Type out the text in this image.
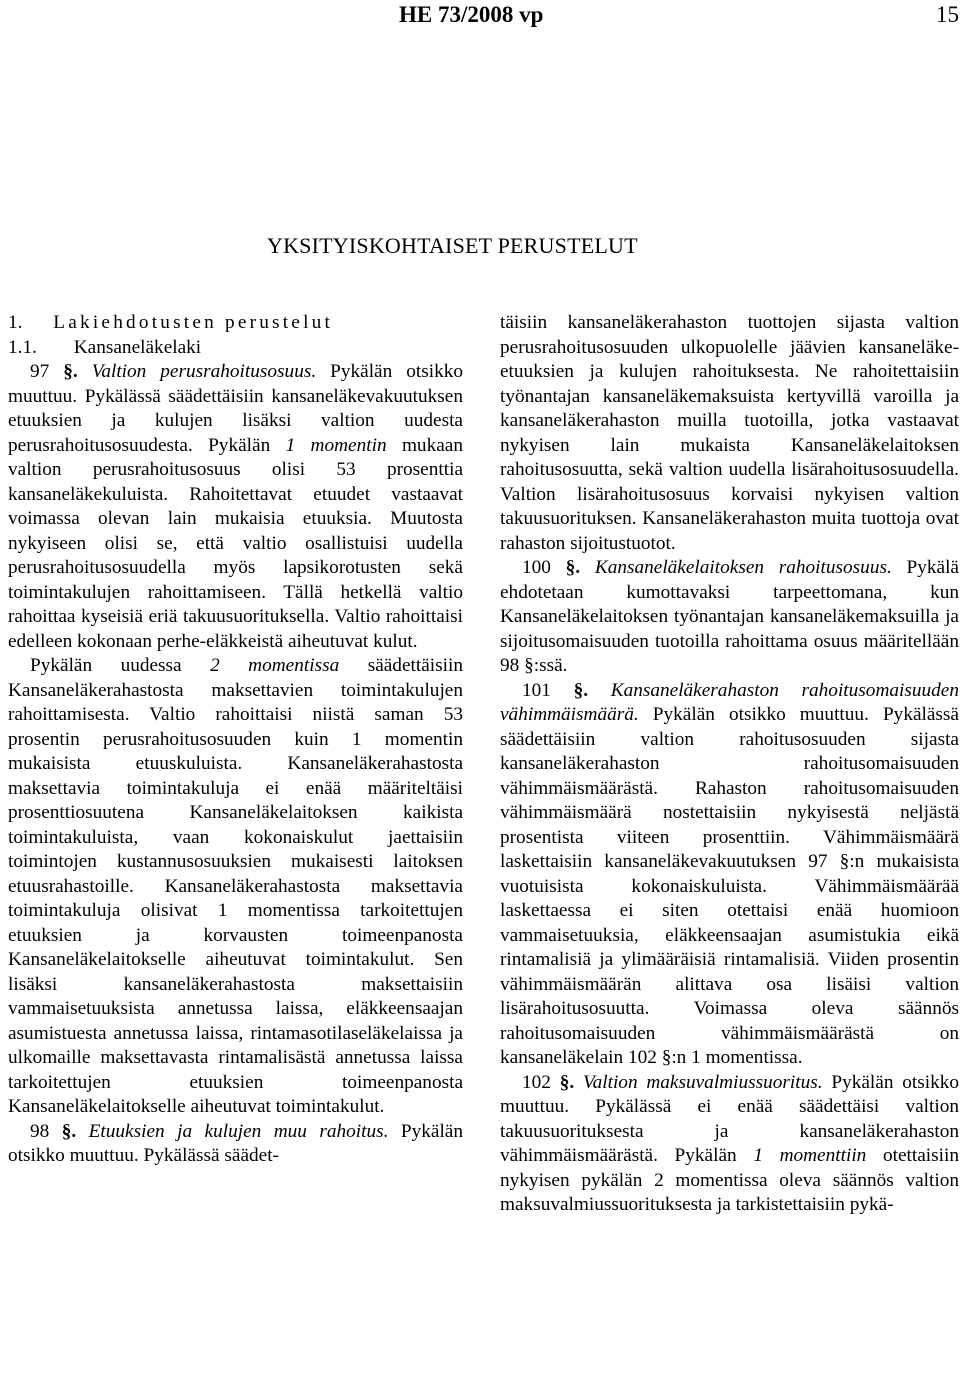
HE 73/2008 vp	15
YKSITYISKOHTAISET PERUSTELUT

1. Lakiehdotusten perustelut

1.1. Kansaneläkelaki

97 §. Valtion perusrahoitusosuus. Pykälän otsikko muuttuu. Pykälässä säädettäisiin kansaneläkevakuutuksen etuuksien ja kulujen lisäksi valtion uudesta perusrahoitusosuudesta. Pykälän 1 momentin mukaan valtion perusrahoitusosuus olisi 53 prosenttia kansaneläkekuluista. Rahoitettavat etuudet vastaavat voimassa olevan lain mukaisia etuuksia. Muutosta nykyiseen olisi se, että valtio osallistuisi uudella perusrahoitusosuudella myös lapsikorotusten sekä toimintakulujen rahoittamiseen. Tällä hetkellä valtio rahoittaa kyseisiä eriä takuusuorituksella. Valtio rahoittaisi edelleen kokonaan perhe-eläkkeistä aiheutuvat kulut.

Pykälän uudessa 2 momentissa säädettäisiin Kansaneläkerahastosta maksettavien toimintakulujen rahoittamisesta. Valtio rahoittaisi niistä saman 53 prosentin perusrahoitusosuuden kuin 1 momentin mukaisista etuuskuluista. Kansaneläkerahastosta maksettavia toimintakuluja ei enää määriteltäisi prosenttiosuutena Kansaneläkelaitoksen kaikista toimintakuluista, vaan kokonaiskulut jaettaisiin toimintojen kustannusosuuksien mukaisesti laitoksen etuusrahastoille. Kansaneläkerahastosta maksettavia toimintakuluja olisivat 1 momentissa tarkoitettujen etuuksien ja korvausten toimeenpanosta Kansaneläkelaitokselle aiheutuvat toimintakulut. Sen lisäksi kansaneläkerahastosta maksettaisiin vammaisetuuksista annetussa laissa, eläkkeensaajan asumistuesta annetussa laissa, rintamasotilaseläkelaissa ja ulkomaille maksettavasta rintamalisästä annetussa laissa tarkoitettujen etuuksien toimeenpanosta Kansaneläkelaitokselle aiheutuvat toimintakulut.

98 §. Etuuksien ja kulujen muu rahoitus. Pykälän otsikko muuttuu. Pykälässä säädet-

täisiin kansaneläkerahaston tuottojen sijasta valtion perusrahoitusosuuden ulkopuolelle jäävien kansaneläke-etuuksien ja kulujen rahoituksesta. Ne rahoitettaisiin työnantajan kansaneläkemaksuista kertyvillä varoilla ja kansaneläkerahaston muilla tuotoilla, jotka vastaavat nykyisen lain mukaista Kansaneläkelaitoksen rahoitusosuutta, sekä valtion uudella lisärahoitusosuudella. Valtion lisärahoitusosuus korvaisi nykyisen valtion takuusuorituksen. Kansaneläkerahaston muita tuottoja ovat rahaston sijoitustuotot.

100 §. Kansaneläkelaitoksen rahoitusosuus. Pykälä ehdotetaan kumottavaksi tarpeettomana, kun Kansaneläkelaitoksen työnantajan kansaneläkemaksuilla ja sijoitusomaisuuden tuotoilla rahoittama osuus määritellään 98 §:ssä.

101 §. Kansaneläkerahaston rahoitusomaisuuden vähimmäismäärä. Pykälän otsikko muuttuu. Pykälässä säädettäisiin valtion rahoitusosuuden sijasta kansaneläkerahaston rahoitusomaisuuden vähimmäismäärästä. Rahaston rahoitusomaisuuden vähimmäismäärä nostettaisiin nykyisestä neljästä prosentista viiteen prosenttiin. Vähimmäismäärä laskettaisiin kansaneläkevakuutuksen 97 §:n mukaisista vuotuisista kokonaiskuluista. Vähimmäismäärää laskettaessa ei siten otettaisi enää huomioon vammaisetuuksia, eläkkeensaajan asumistukia eikä rintamalisiä ja ylimääräisiä rintamalisiä. Viiden prosentin vähimmäismäärän alittava osa lisäisi valtion lisärahoitusosuutta. Voimassa oleva säännös rahoitusomaisuuden vähimmäismäärästä on kansaneläkelain 102 §:n 1 momentissa.

102 §. Valtion maksuvalmiussuoritus. Pykälän otsikko muuttuu. Pykälässä ei enää säädettäisi valtion takuusuorituksesta ja kansaneläkerahaston vähimmäismäärästä. Pykälän 1 momenttiin otettaisiin nykyisen pykälän 2 momentissa oleva säännös valtion maksuvalmiussuorituksesta ja tarkistettaisiin pykä-
